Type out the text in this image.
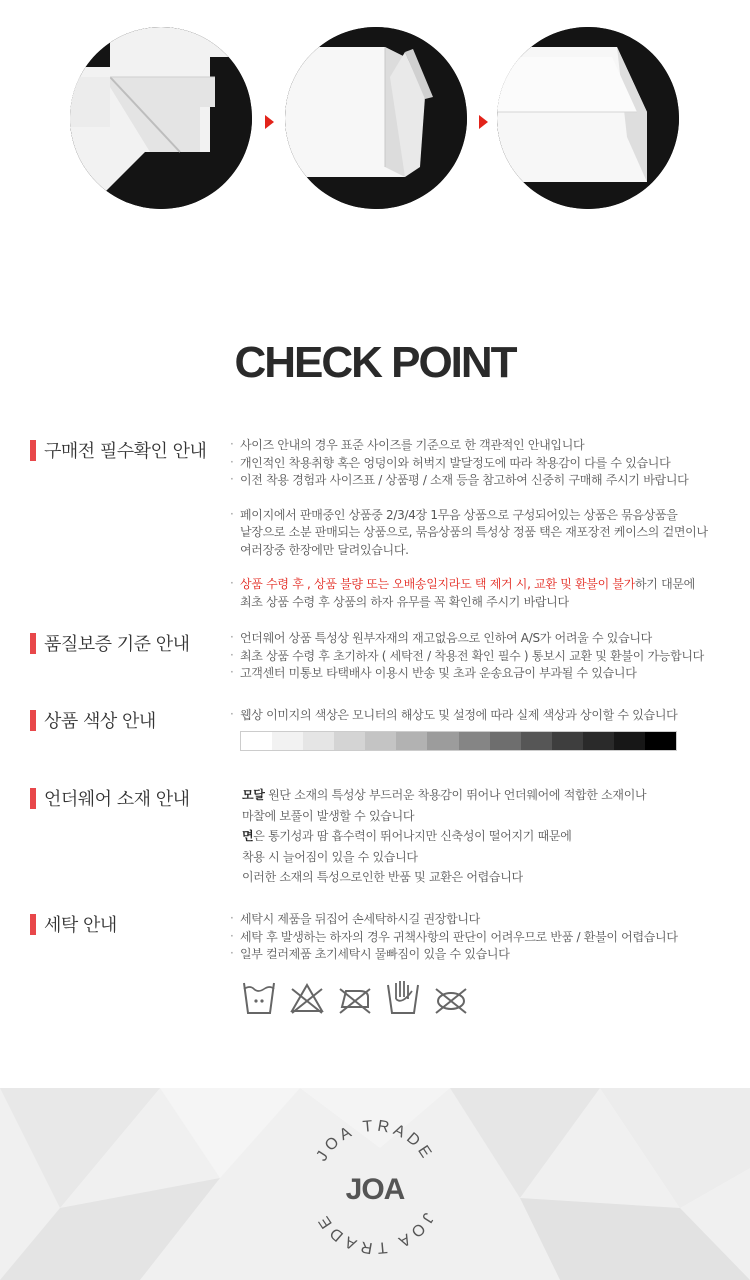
CHECK POINT
구매전 필수확인 안내	· 사이즈 안내의 경우 표준 사이즈를 기준으로 한 객관적인 안내입니다
· 개인적인 착용취향 혹은 엉덩이와 허벅지 발달정도에 따라 착용감이 다를 수 있습니다
· 이전 착용 경험과 사이즈표 / 상품평 / 소재 등을 참고하여 신중히 구매해 주시기 바랍니다
· 페이지에서 판매중인 상품중 2/3/4장 1무음 상품으로 구성되어있는 상품은 묶음상품을
낱장으로 소분 판매되는 상품으로, 묶음상품의 특성상 정품 택은 재포장전 케이스의 겉면이나
여러장중 한장에만 달려있습니다.
· 상품 수령 후 , 상품 불량 또는 오배송일지라도 택 제거 시, 교환 및 환불이 불가하기 대문에
최초 상품 수령 후 상품의 하자 유무를 꼭 확인해 주시기 바랍니다
품질보증 기준 안내	· 언더웨어 상품 특성상 원부자재의 재고없음으로 인하여 A/S가 어려울 수 있습니다
· 최초 상품 수령 후 초기하자 ( 세탁전 / 착용전 확인 필수 ) 통보시 교환 및 환불이 가능합니다
· 고객센터 미통보 타택배사 이용시 반송 및 초과 운송요금이 부과될 수 있습니다
상품 색상 안내	· 웹상 이미지의 색상은 모니터의 해상도 및 설정에 따라 실제 색상과 상이할 수 있습니다
언더웨어 소재 안내	모달 원단 소재의 특성상 부드러운 착용감이 뛰어나 언더웨어에 적합한 소재이나
마찰에 보풀이 발생할 수 있습니다
면은 통기성과 땀 흡수력이 뛰어나지만 신축성이 떨어지기 때문에
착용 시 늘어짐이 있을 수 있습니다
이러한 소재의 특성으로인한 반품 및 교환은 어렵습니다
세탁 안내	· 세탁시 제품을 뒤집어 손세탁하시길 권장합니다
· 세탁 후 발생하는 하자의 경우 귀책사항의 판단이 어려우므로 반품 / 환불이 어렵습니다
· 일부 컬러제품 초기세탁시 물빠짐이 있을 수 있습니다
JOA TRADE
JOA TRADE
JOA
